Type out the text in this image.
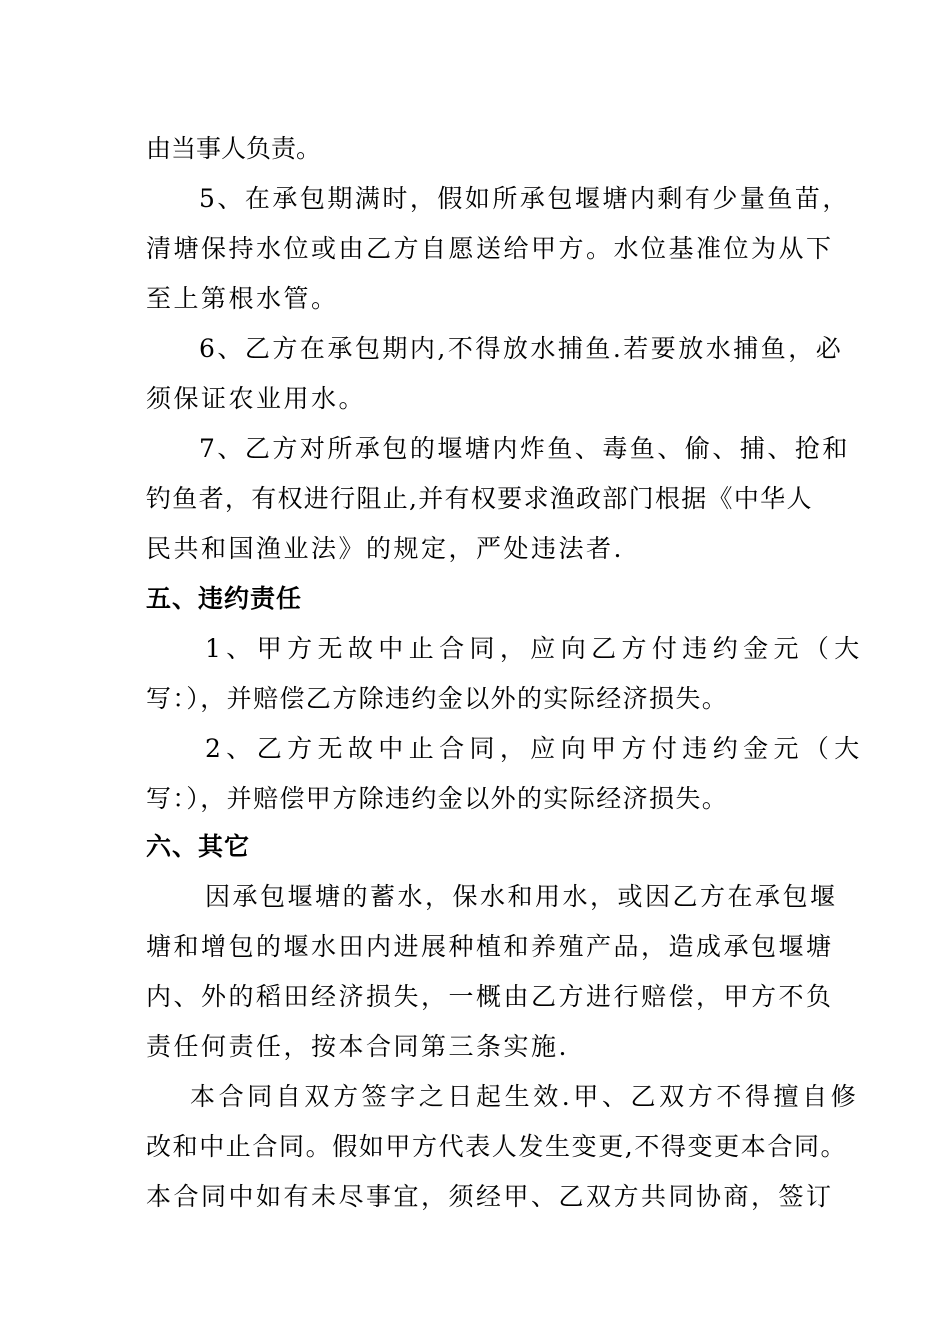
由当事人负责。
5、在承包期满时，假如所承包堰塘内剩有少量鱼苗，
清塘保持水位或由乙方自愿送给甲方。水位基准位为从下
至上第根水管。
6、乙方在承包期内,不得放水捕鱼.若要放水捕鱼，必
须保证农业用水。
7、乙方对所承包的堰塘内炸鱼、毒鱼、偷、捕、抢和
钓鱼者，有权进行阻止,并有权要求渔政部门根据《中华人
民共和国渔业法》的规定，严处违法者.
五、违约责任
1、甲方无故中止合同，应向乙方付违约金元（大
写：），并赔偿乙方除违约金以外的实际经济损失。
2、乙方无故中止合同，应向甲方付违约金元（大
写：），并赔偿甲方除违约金以外的实际经济损失。
六、其它
因承包堰塘的蓄水，保水和用水，或因乙方在承包堰
塘和增包的堰水田内进展种植和养殖产品，造成承包堰塘
内、外的稻田经济损失，一概由乙方进行赔偿，甲方不负
责任何责任，按本合同第三条实施.
本合同自双方签字之日起生效.甲、乙双方不得擅自修
改和中止合同。假如甲方代表人发生变更,不得变更本合同。
本合同中如有未尽事宜，须经甲、乙双方共同协商，签订
